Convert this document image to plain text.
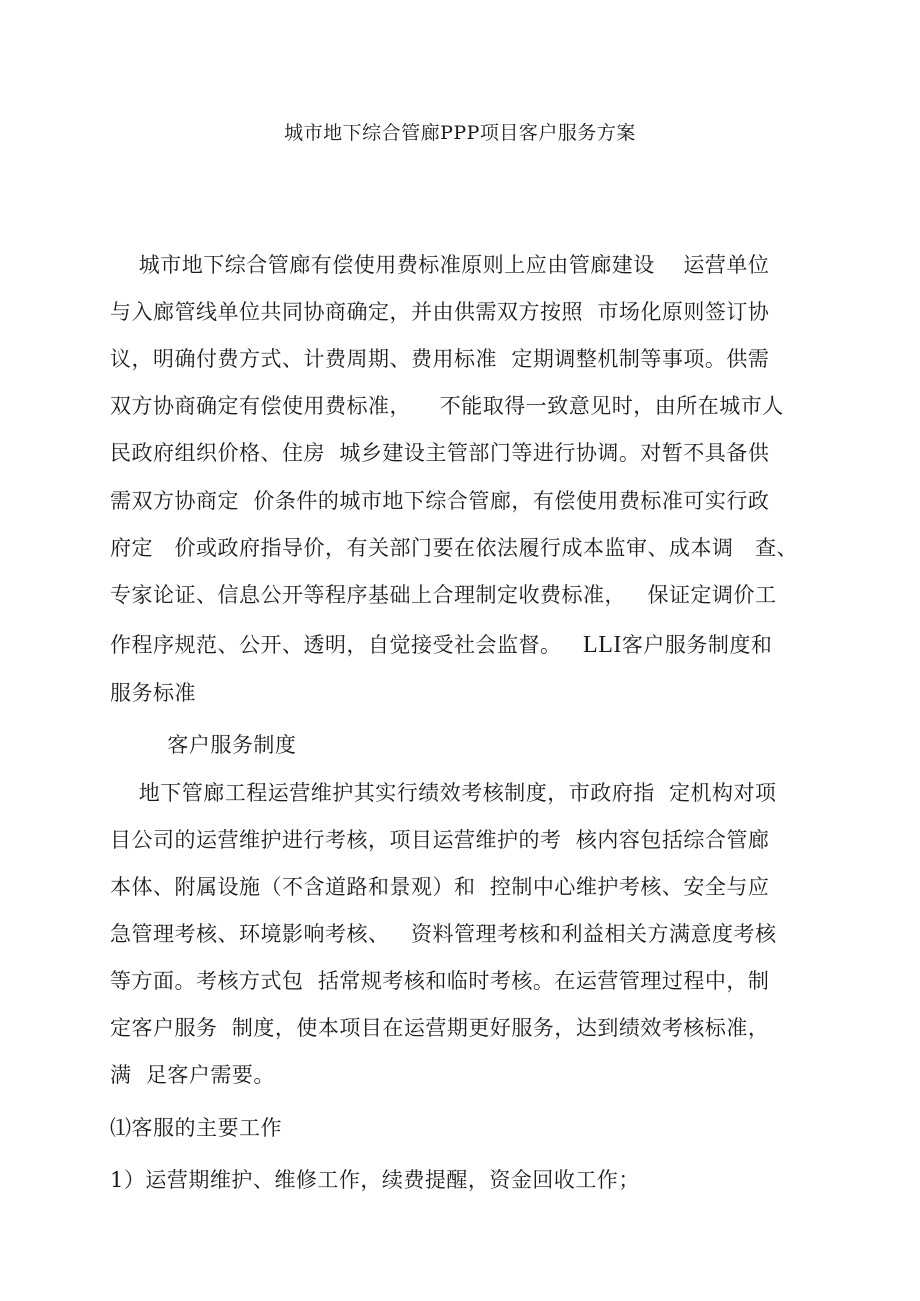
城市地下综合管廊PPP项目客户服务方案
城市地下综合管廊有偿使用费标准原则上应由管廊建设    运营单位
与入廊管线单位共同协商确定，并由供需双方按照  市场化原则签订协
议，明确付费方式、计费周期、费用标准  定期调整机制等事项。供需
双方协商确定有偿使用费标准，    不能取得一致意见时，由所在城市人
民政府组织价格、住房  城乡建设主管部门等进行协调。对暂不具备供
需双方协商定  价条件的城市地下综合管廊，有偿使用费标准可实行政
府定   价或政府指导价，有关部门要在依法履行成本监审、成本调   查、
专家论证、信息公开等程序基础上合理制定收费标准，   保证定调价工
作程序规范、公开、透明，自觉接受社会监督。   LLI客户服务制度和
服务标准
客户服务制度
地下管廊工程运营维护其实行绩效考核制度，市政府指  定机构对项
目公司的运营维护进行考核，项目运营维护的考  核内容包括综合管廊
本体、附属设施（不含道路和景观）和  控制中心维护考核、安全与应
急管理考核、环境影响考核、   资料管理考核和利益相关方满意度考核
等方面。考核方式包  括常规考核和临时考核。在运营管理过程中，制
定客户服务  制度，使本项目在运营期更好服务，达到绩效考核标准，
满  足客户需要。
⑴客服的主要工作
1）运营期维护、维修工作，续费提醒，资金回收工作；
